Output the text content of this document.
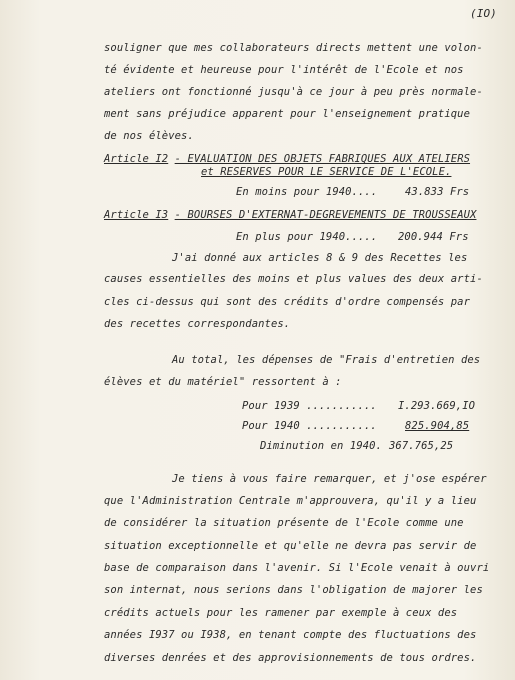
(IO)
souligner que mes collaborateurs directs mettent une volon-
té évidente et heureuse pour l'intérêt de l'Ecole et nos
ateliers ont fonctionné jusqu'à ce jour à peu près normale-
ment sans préjudice apparent pour l'enseignement pratique
de nos élèves.
Article I2 - EVALUATION DES OBJETS FABRIQUES AUX ATELIERS
et RESERVES POUR LE SERVICE DE L'ECOLE.
En moins pour 1940....	43.833 Frs
Article I3 - BOURSES D'EXTERNAT-DEGREVEMENTS DE TROUSSEAUX
En plus pour 1940..... 200.944 Frs
J'ai donné aux articles 8 & 9 des Recettes les
causes essentielles des moins et plus values des deux arti-
cles ci-dessus qui sont des crédits d'ordre compensés par
des recettes correspondantes.
Au total, les dépenses de "Frais d'entretien des
élèves et du matériel" ressortent à :
Pour 1939 ........... I.293.669,IO
Pour 1940 ...........	825.904,85
Diminution en 1940. 367.765,25
Je tiens à vous faire remarquer, et j'ose espérer
que l'Administration Centrale m'approuvera, qu'il y a lieu
de considérer la situation présente de l'Ecole comme une
situation exceptionnelle et qu'elle ne devra pas servir de
base de comparaison dans l'avenir. Si l'Ecole venait à ouvri
son internat, nous serions dans l'obligation de majorer les
crédits actuels pour les ramener par exemple à ceux des
années I937 ou I938, en tenant compte des fluctuations des
diverses denrées et des approvisionnements de tous ordres.
